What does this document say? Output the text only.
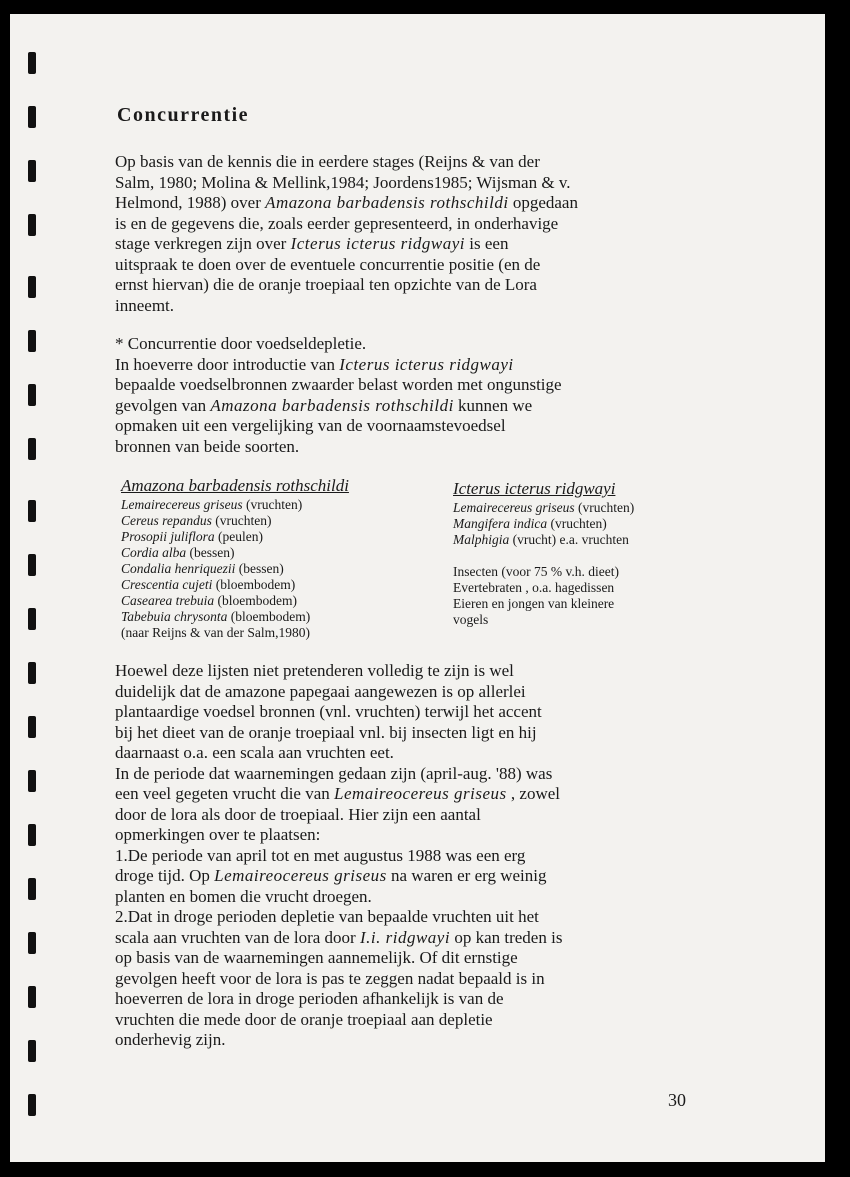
Concurrentie
Op basis van de kennis die in eerdere stages (Reijns & van der
Salm, 1980; Molina & Mellink,1984; Joordens1985; Wijsman & v.
Helmond, 1988) over Amazona barbadensis rothschildi opgedaan
is en de gegevens die, zoals eerder gepresenteerd, in onderhavige
stage verkregen zijn over Icterus icterus ridgwayi is een
uitspraak te doen over de eventuele concurrentie positie (en de
ernst hiervan) die de oranje troepiaal ten opzichte van de Lora
inneemt.
* Concurrentie door voedseldepletie.
In hoeverre door introductie van Icterus icterus ridgwayi
bepaalde voedselbronnen zwaarder belast worden met ongunstige
gevolgen van Amazona barbadensis rothschildi kunnen we
opmaken uit een vergelijking van de voornaamstevoedsel
bronnen van beide soorten.
Amazona barbadensis rothschildi
Lemairecereus griseus (vruchten)
Cereus repandus (vruchten)
Prosopii juliflora (peulen)
Cordia alba (bessen)
Condalia henriquezii (bessen)
Crescentia cujeti (bloembodem)
Casearea trebuia (bloembodem)
Tabebuia chrysonta (bloembodem)
(naar Reijns & van der Salm,1980)
Icterus icterus ridgwayi
Lemairecereus griseus (vruchten)
Mangifera indica (vruchten)
Malphigia (vrucht) e.a. vruchten

Insecten (voor 75 % v.h. dieet)
Evertebraten , o.a. hagedissen
Eieren en jongen van kleinere
vogels
Hoewel deze lijsten niet pretenderen volledig te zijn is wel
duidelijk dat de amazone papegaai aangewezen is op allerlei
plantaardige voedsel bronnen (vnl. vruchten) terwijl het accent
bij het dieet van de oranje troepiaal vnl. bij insecten ligt en hij
daarnaast o.a. een scala aan vruchten eet.
In de periode dat waarnemingen gedaan zijn (april-aug. '88) was
een veel gegeten vrucht die van Lemaireocereus griseus , zowel
door de lora als door de troepiaal. Hier zijn een aantal
opmerkingen over te plaatsen:
1.De periode van april tot en met augustus 1988 was een erg
droge tijd. Op Lemaireocereus griseus na waren er erg weinig
planten en bomen die vrucht droegen.
2.Dat in droge perioden depletie van bepaalde vruchten uit het
scala aan vruchten van de lora door I.i. ridgwayi op kan treden is
op basis van de waarnemingen aannemelijk. Of dit ernstige
gevolgen heeft voor de lora is pas te zeggen nadat bepaald is in
hoeverren de lora in droge perioden afhankelijk is van de
vruchten die mede door de oranje troepiaal aan depletie
onderhevig zijn.
30
